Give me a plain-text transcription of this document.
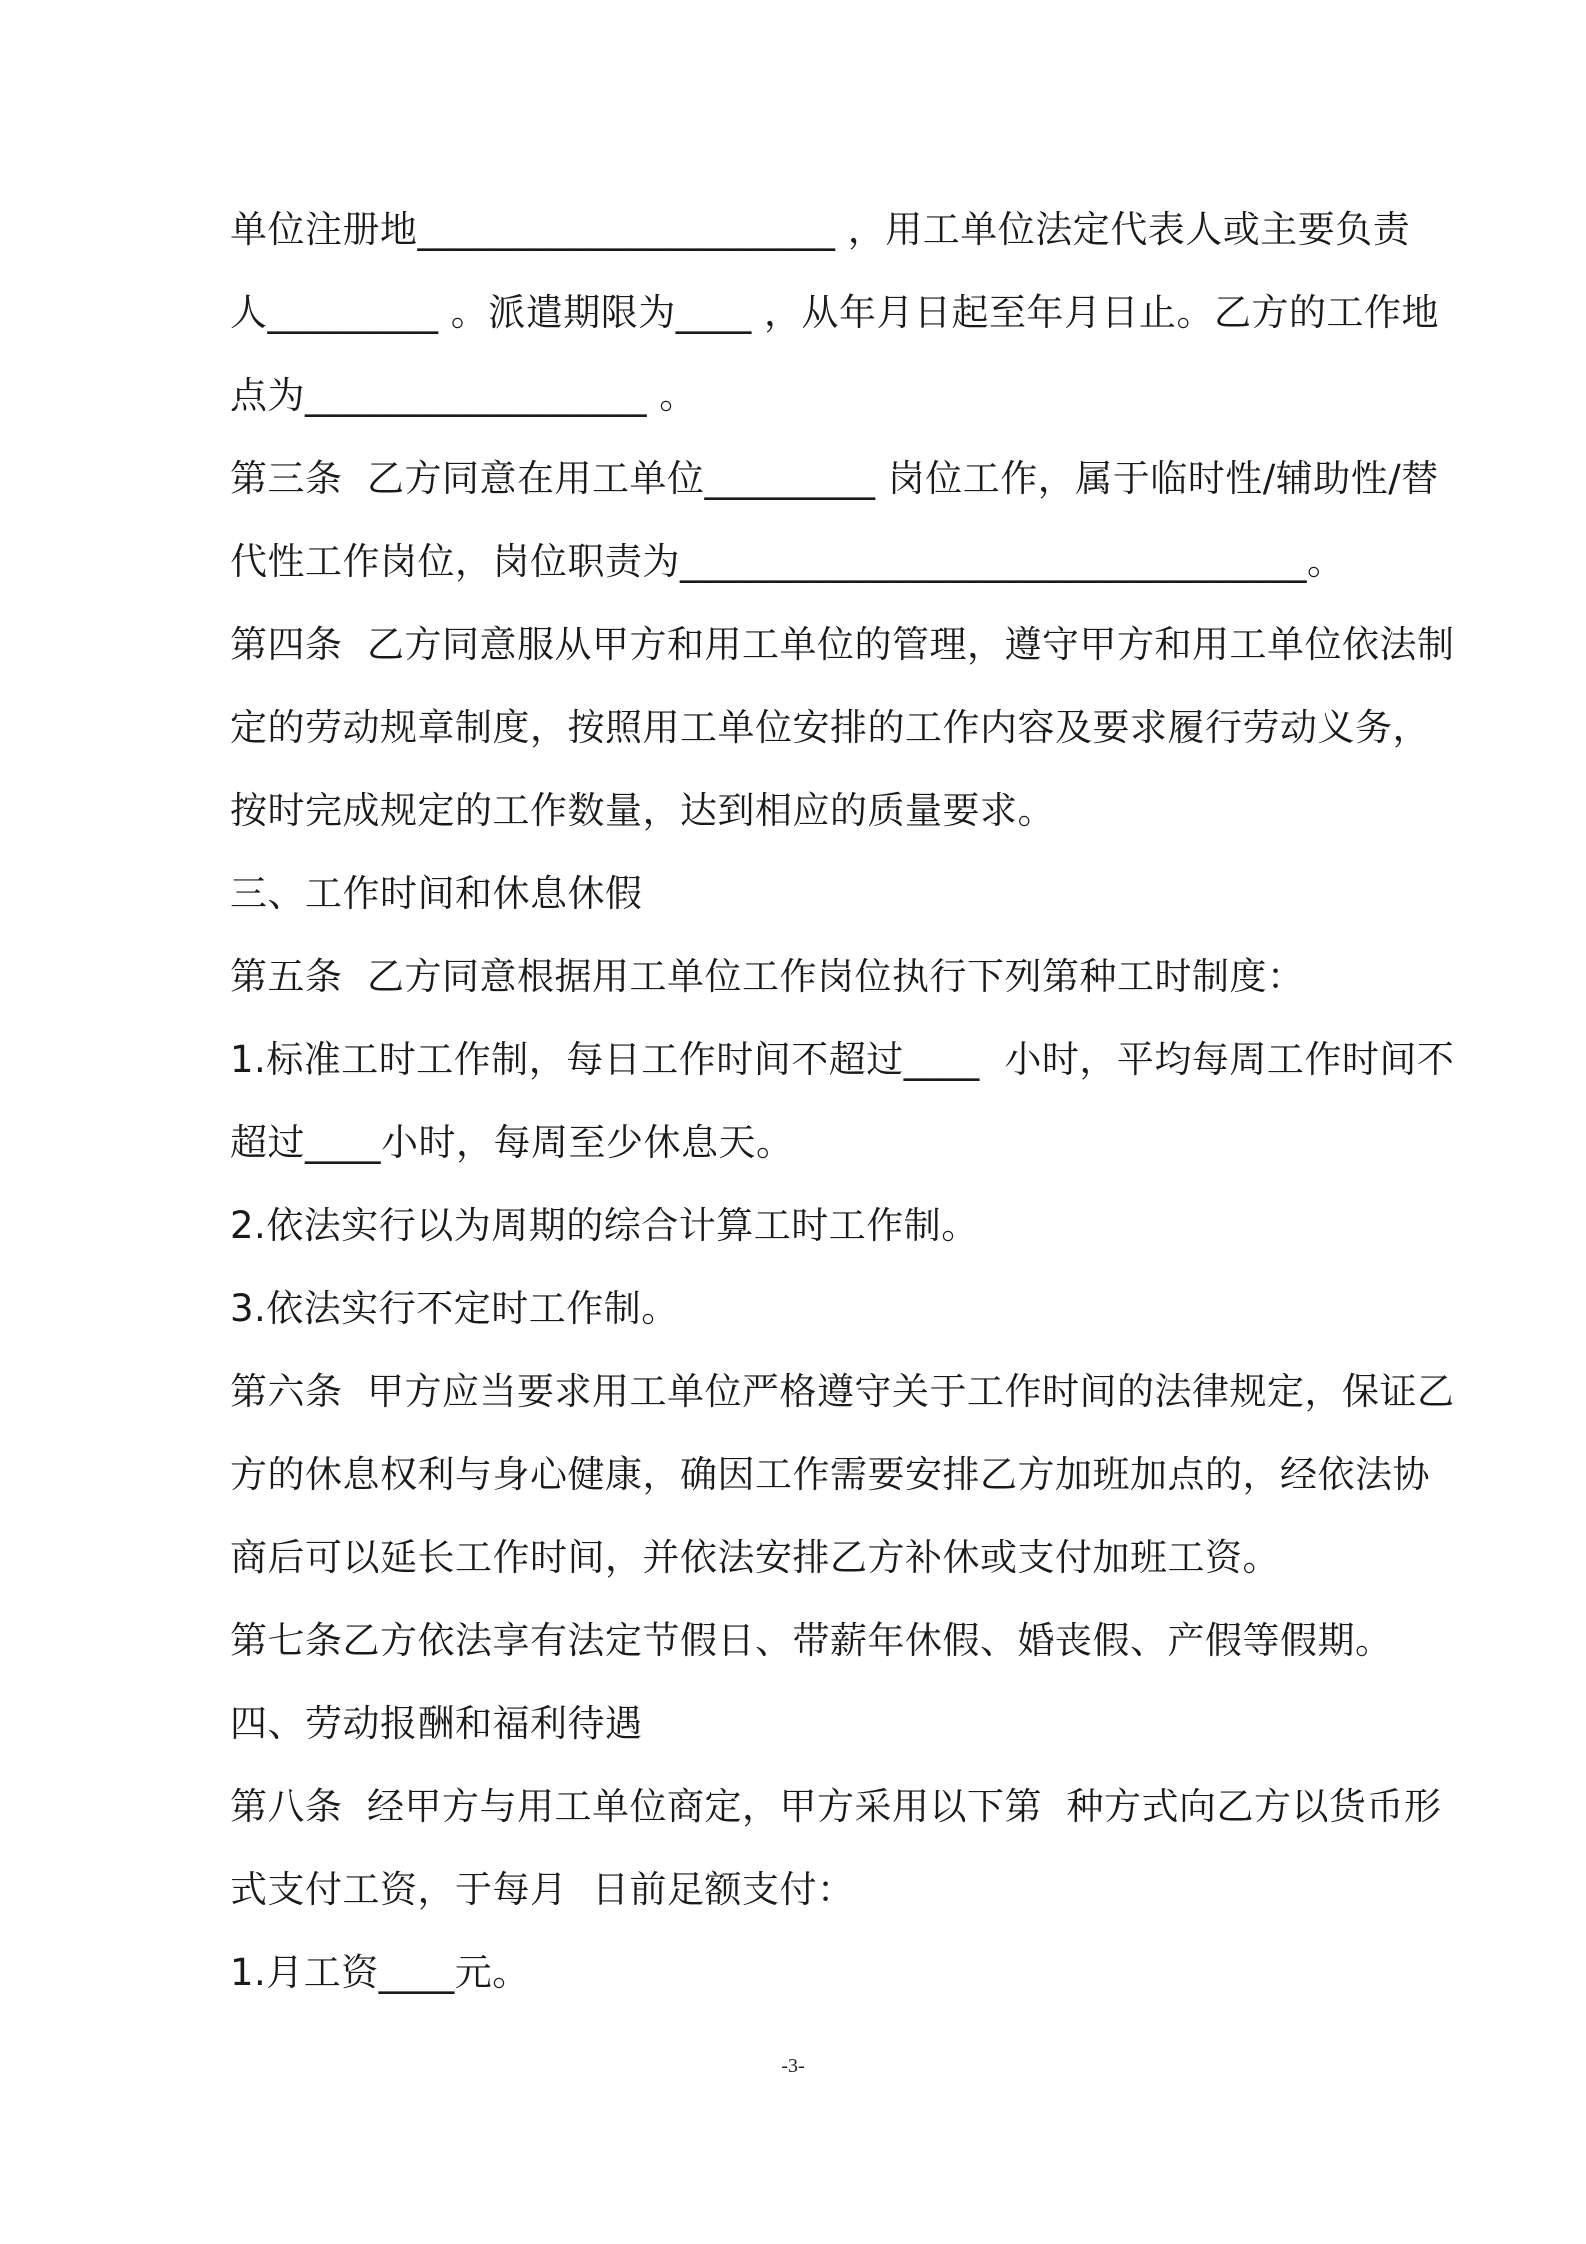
单位注册地______________________ ，用工单位法定代表人或主要负责
人_________ 。派遣期限为____ ，从年月日起至年月日止。乙方的工作地
点为__________________ 。
第三条  乙方同意在用工单位_________ 岗位工作，属于临时性/辅助性/替
代性工作岗位，岗位职责为_________________________________。
第四条  乙方同意服从甲方和用工单位的管理，遵守甲方和用工单位依法制
定的劳动规章制度，按照用工单位安排的工作内容及要求履行劳动义务，
按时完成规定的工作数量，达到相应的质量要求。
三、工作时间和休息休假
第五条  乙方同意根据用工单位工作岗位执行下列第种工时制度：
1.标准工时工作制，每日工作时间不超过____  小时，平均每周工作时间不
超过____小时，每周至少休息天。
2.依法实行以为周期的综合计算工时工作制。
3.依法实行不定时工作制。
第六条  甲方应当要求用工单位严格遵守关于工作时间的法律规定，保证乙
方的休息权利与身心健康，确因工作需要安排乙方加班加点的，经依法协
商后可以延长工作时间，并依法安排乙方补休或支付加班工资。
第七条乙方依法享有法定节假日、带薪年休假、婚丧假、产假等假期。
四、劳动报酬和福利待遇
第八条  经甲方与用工单位商定，甲方采用以下第  种方式向乙方以货币形
式支付工资，于每月  日前足额支付：
1.月工资____元。
-3-
